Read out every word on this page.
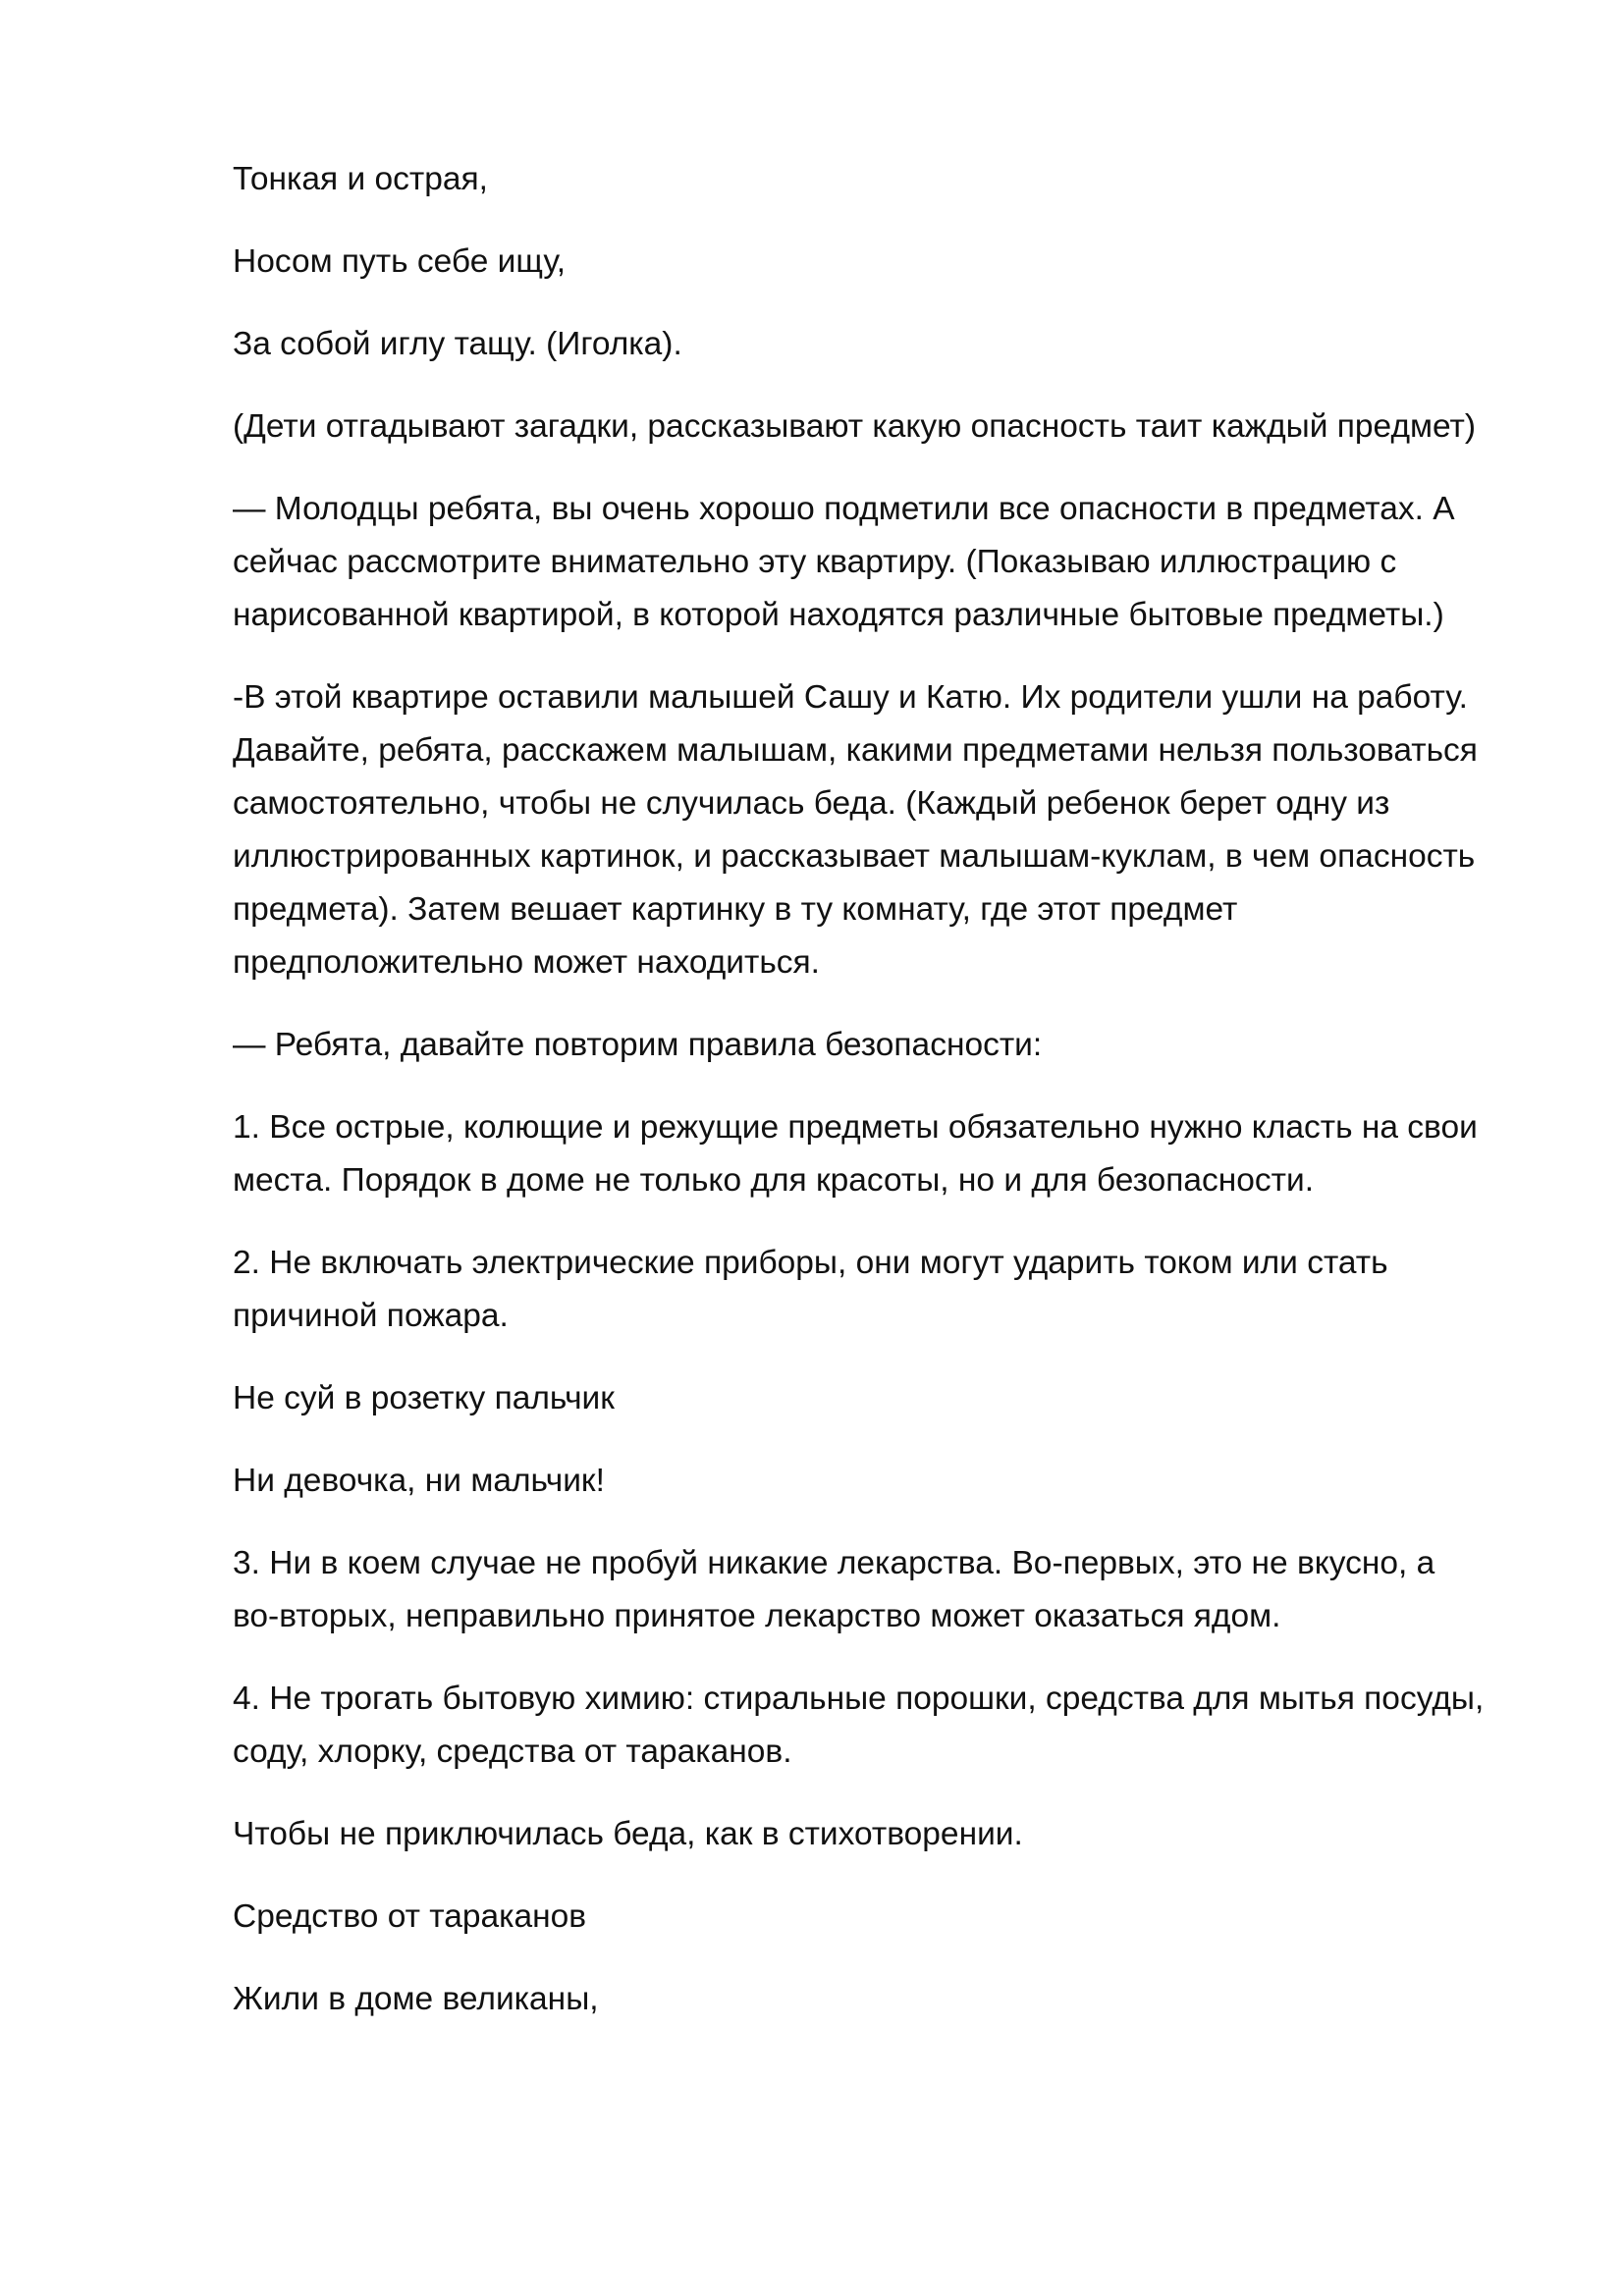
Тонкая и острая,

Носом путь себе ищу,

За собой иглу тащу. (Иголка).

(Дети отгадывают загадки, рассказывают какую опасность таит каждый предмет)

— Молодцы ребята, вы очень хорошо подметили все опасности в предметах. А сейчас рассмотрите внимательно эту квартиру. (Показываю иллюстрацию с нарисованной квартирой, в которой находятся различные бытовые предметы.)

-В этой квартире оставили малышей Сашу и Катю. Их родители ушли на работу. Давайте, ребята, расскажем малышам, какими предметами нельзя пользоваться самостоятельно, чтобы не случилась беда. (Каждый ребенок берет одну из иллюстрированных картинок, и рассказывает малышам-куклам, в чем опасность предмета). Затем вешает картинку в ту комнату, где этот предмет предположительно может находиться.

— Ребята, давайте повторим правила безопасности:

1. Все острые, колющие и режущие предметы обязательно нужно класть на свои места. Порядок в доме не только для красоты, но и для безопасности.

2. Не включать электрические приборы, они могут ударить током или стать причиной пожара.

Не суй в розетку пальчик

Ни девочка, ни мальчик!

3. Ни в коем случае не пробуй никакие лекарства. Во-первых, это не вкусно, а во-вторых, неправильно принятое лекарство может оказаться ядом.

4. Не трогать бытовую химию: стиральные порошки, средства для мытья посуды, соду, хлорку, средства от тараканов.

Чтобы не приключилась беда, как в стихотворении.

Средство от тараканов

Жили в доме великаны,
